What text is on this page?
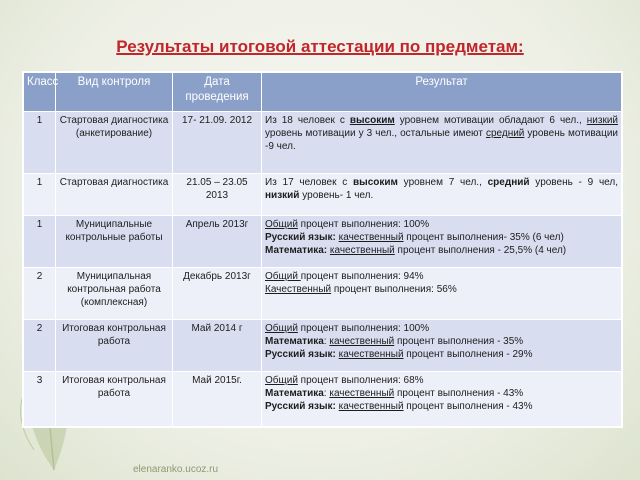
Результаты итоговой аттестации по предметам:
Класс	Вид контроля	Дата проведения	Результат
1	Стартовая диагностика (анкетирование)	17- 21.09. 2012	Из 18 человек с высоким уровнем мотивации обладают 6 чел., низкий уровень мотивации у 3 чел., остальные имеют средний уровень мотивации -9 чел.
1	Стартовая диагностика	21.05 – 23.05 2013	Из 17 человек с высоким уровнем 7 чел., средний уровень - 9 чел, низкий уровень- 1 чел.
1	Муниципальные контрольные работы	Апрель 2013г	Общий процент выполнения: 100%
Русский язык: качественный процент выполнения- 35% (6 чел)
Математика: качественный процент выполнения - 25,5% (4 чел)

2	Муниципальная контрольная работа (комплексная)	Декабрь 2013г	Общий процент выполнения: 94%
Качественный процент выполнения: 56%

2	Итоговая контрольная работа	Май 2014 г	Общий процент выполнения: 100%
Математика: качественный процент выполнения - 35%
Русский язык: качественный процент выполнения - 29%

3	Итоговая контрольная работа	Май 2015г.	Общий процент выполнения: 68%
Математика: качественный процент выполнения - 43%
Русский язык: качественный процент выполнения - 43%
elenaranko.ucoz.ru
